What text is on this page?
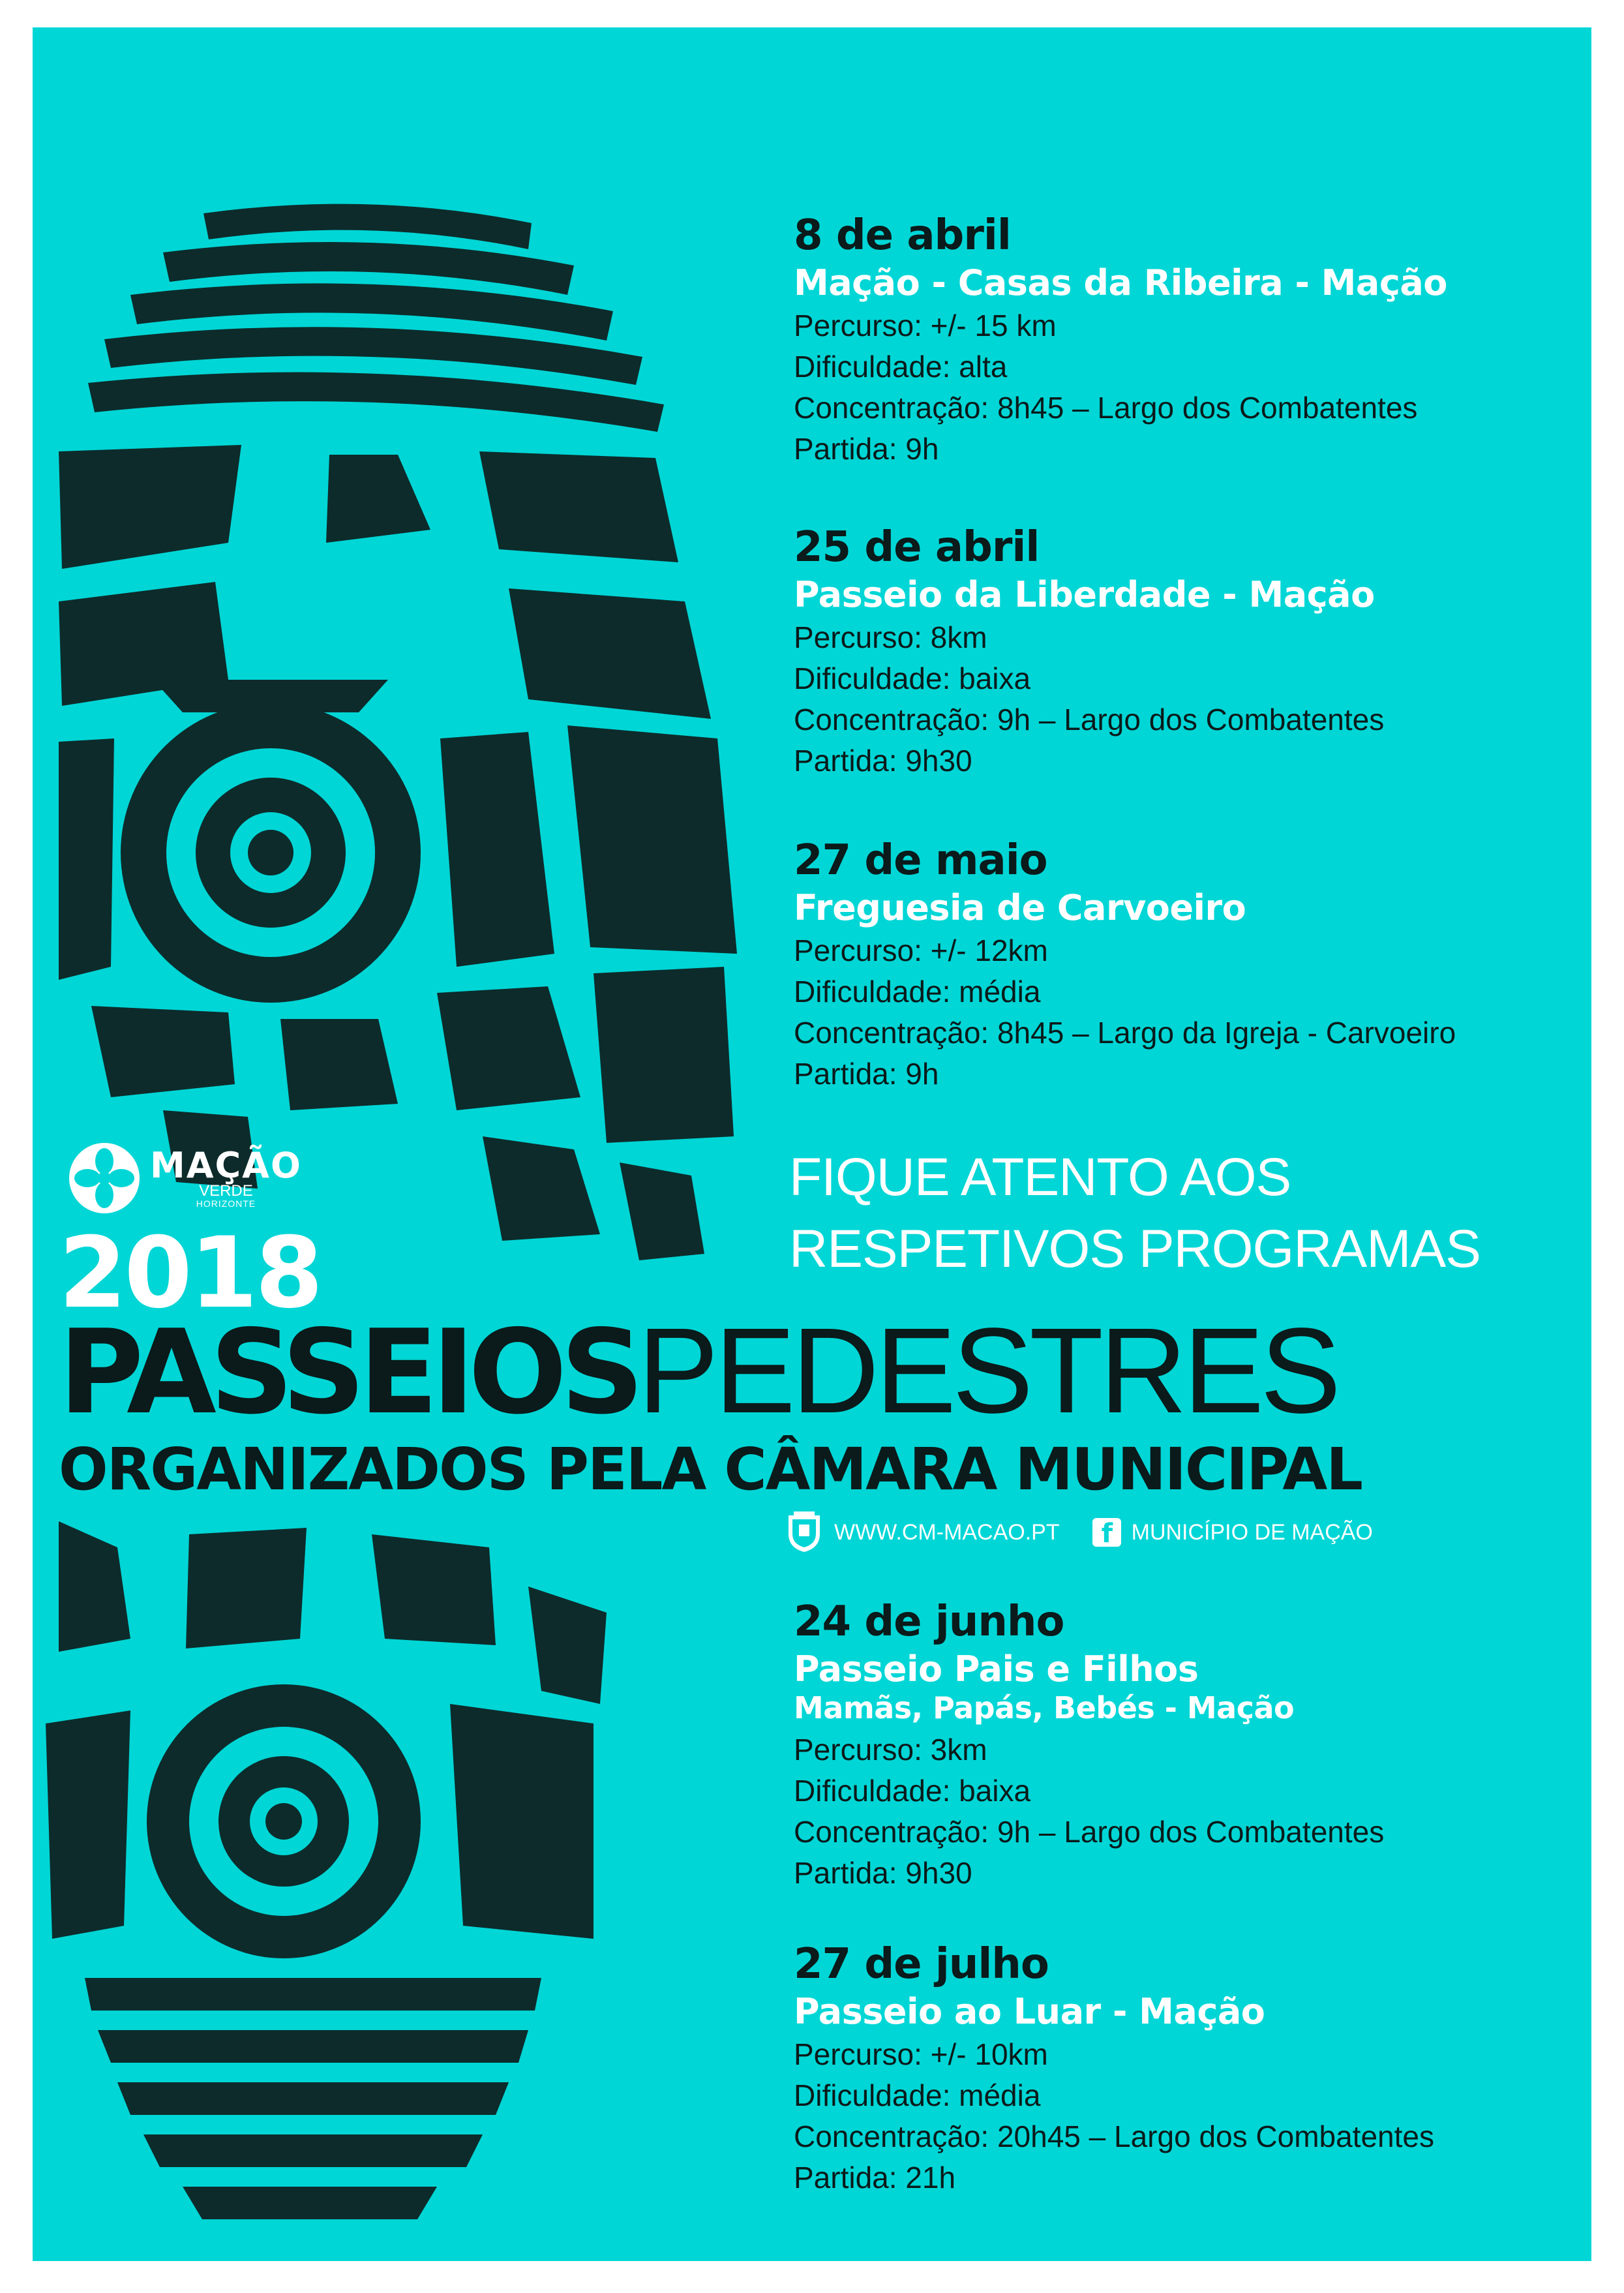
MAÇÃO
VERDE
HORIZONTE
8 de abril
Mação - Casas da Ribeira - Mação
Percurso: +/- 15 km
Dificuldade: alta
Concentração: 8h45 – Largo dos Combatentes
Partida: 9h
25 de abril
Passeio da Liberdade - Mação
Percurso: 8km
Dificuldade: baixa
Concentração: 9h – Largo dos Combatentes
Partida: 9h30
27 de maio
Freguesia de Carvoeiro
Percurso: +/- 12km
Dificuldade: média
Concentração: 8h45 – Largo da Igreja - Carvoeiro
Partida: 9h
FIQUE ATENTO AOS
RESPETIVOS PROGRAMAS
2018
PASSEIOSPEDESTRES
ORGANIZADOS PELA CÂMARA MUNICIPAL
WWW.CM-MACAO.PT f MUNICÍPIO DE MAÇÃO
24 de junho
Passeio Pais e Filhos
Mamãs, Papás, Bebés - Mação
Percurso: 3km
Dificuldade: baixa
Concentração: 9h – Largo dos Combatentes
Partida: 9h30
27 de julho
Passeio ao Luar - Mação
Percurso: +/- 10km
Dificuldade: média
Concentração: 20h45 – Largo dos Combatentes
Partida: 21h
